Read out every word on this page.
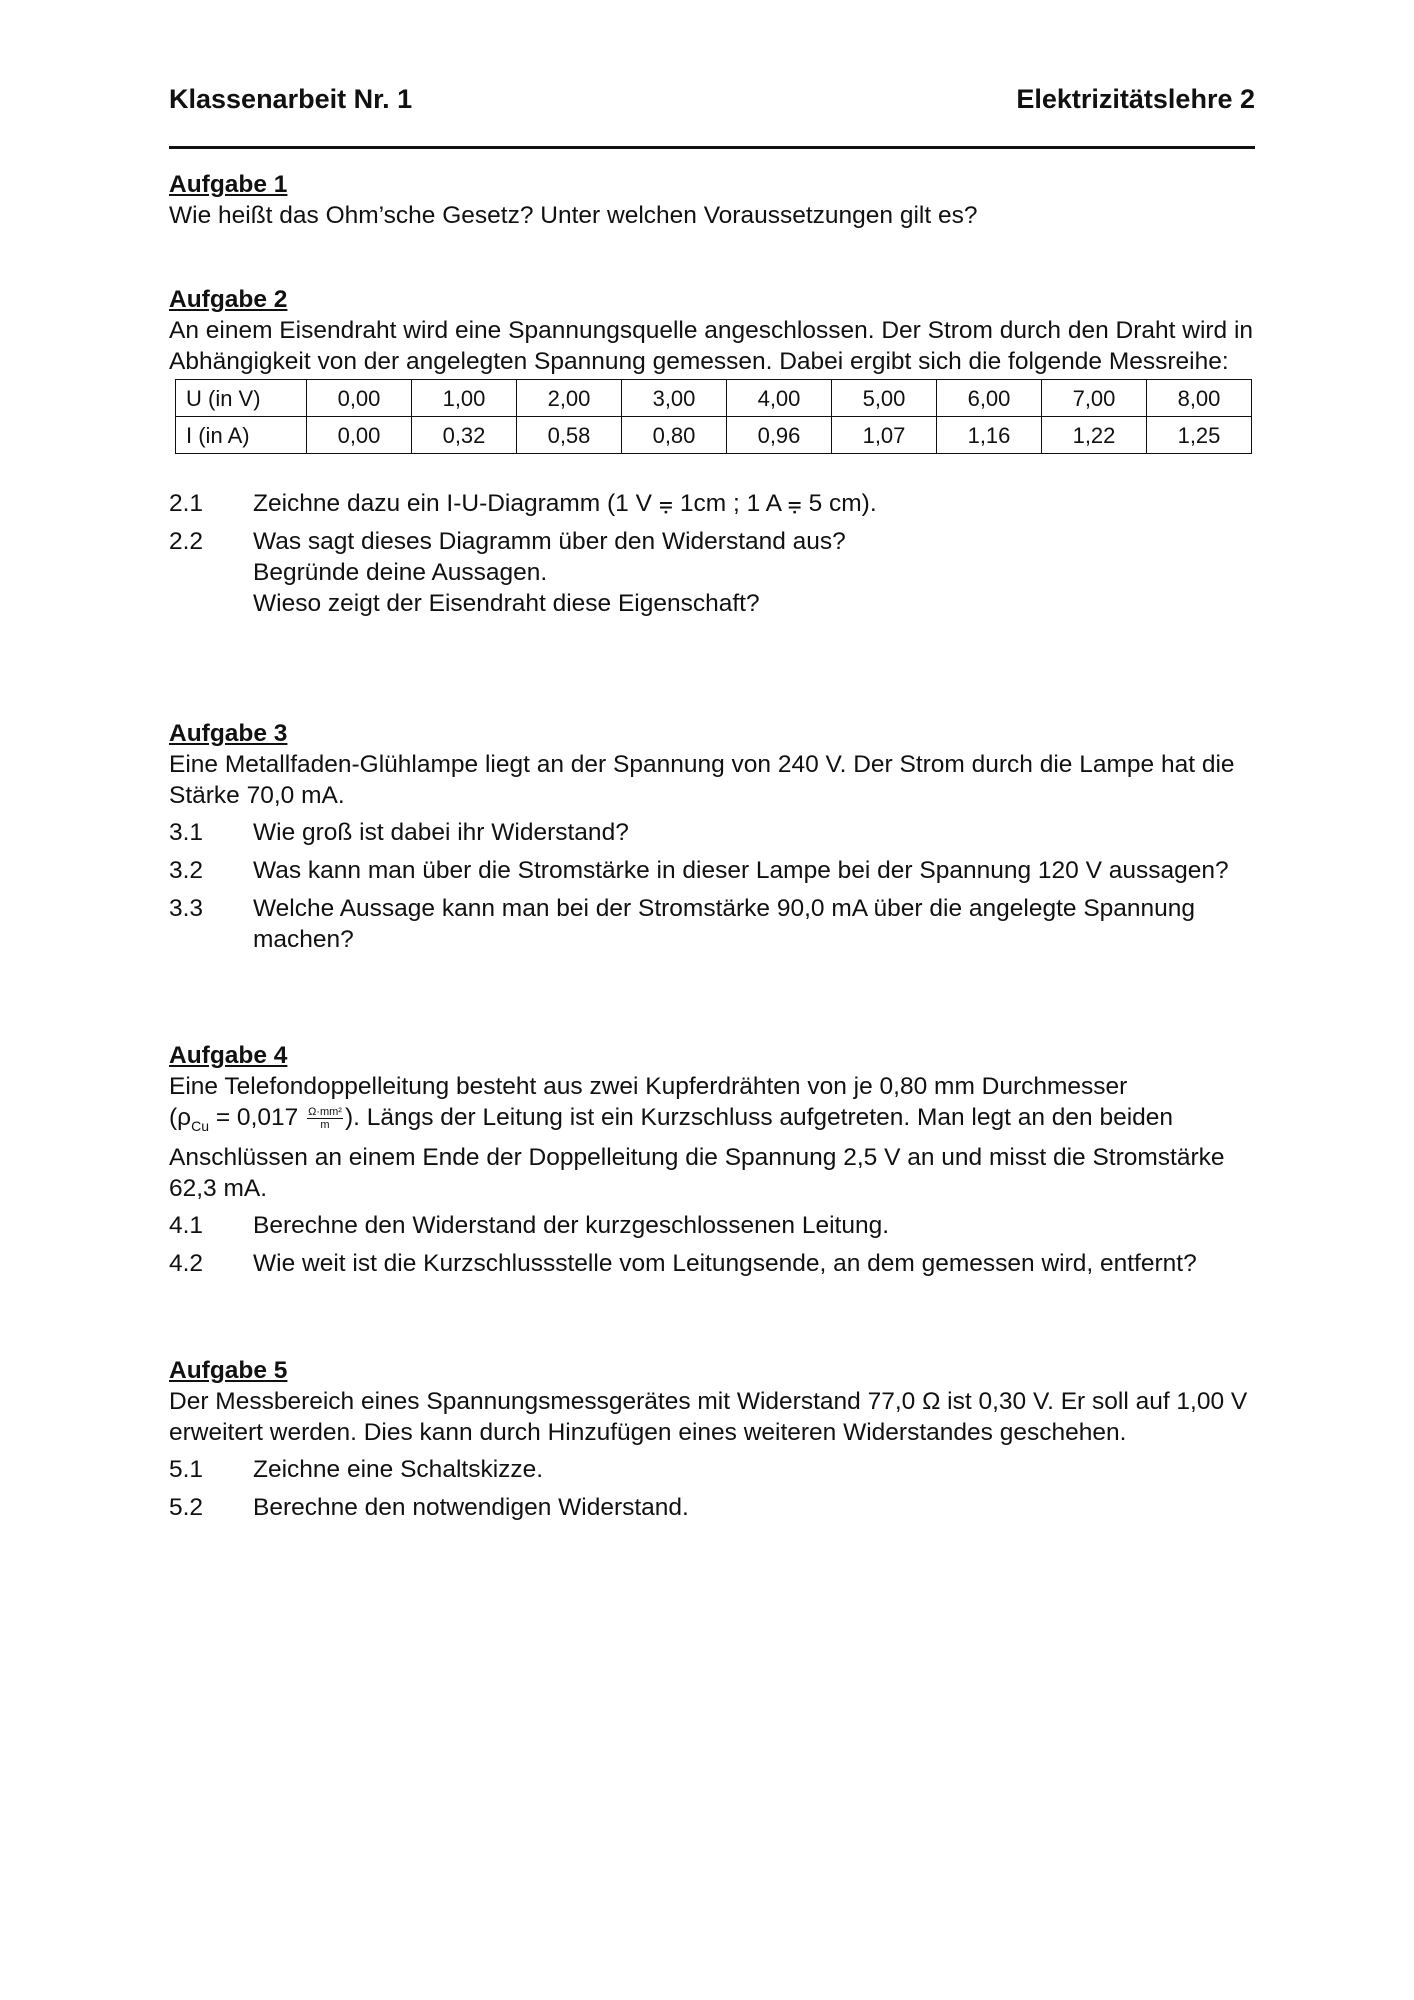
Klassenarbeit Nr. 1	Elektrizitätslehre 2
Aufgabe 1

Wie heißt das Ohm’sche Gesetz? Unter welchen Voraussetzungen gilt es?

Aufgabe 2

An einem Eisendraht wird eine Spannungsquelle angeschlossen. Der Strom durch den Draht wird in Abhängigkeit von der angelegten Spannung gemessen. Dabei ergibt sich die folgende Messreihe:

U (in V)	0,00	1,00	2,00	3,00	4,00	5,00	6,00	7,00	8,00
I (in A)	0,00	0,32	0,58	0,80	0,96	1,07	1,16	1,22	1,25
2.1 Zeichne dazu ein I-U-Diagramm (1 V ⩦ 1cm ; 1 A ⩦ 5 cm).
2.2 Was sagt dieses Diagramm über den Widerstand aus?
Begründe deine Aussagen.
Wieso zeigt der Eisendraht diese Eigenschaft?
Aufgabe 3

Eine Metallfaden-Glühlampe liegt an der Spannung von 240 V. Der Strom durch die Lampe hat die Stärke 70,0 mA.

3.1 Wie groß ist dabei ihr Widerstand?
3.2 Was kann man über die Stromstärke in dieser Lampe bei der Spannung 120 V aussagen?
3.3 Welche Aussage kann man bei der Stromstärke 90,0 mA über die angelegte Spannung machen?
Aufgabe 4

Eine Telefondoppelleitung besteht aus zwei Kupferdrähten von je 0,80 mm Durchmesser
($\rho_{Cu} = 0,017 \frac{\text{Ω·mm²}}{m}$ ). Längs der Leitung ist ein Kurzschluss aufgetreten. Man legt an den beiden Anschlüssen an einem Ende der Doppelleitung die Spannung 2,5 V an und misst die Stromstärke 62,3 mA.

4.1 Berechne den Widerstand der kurzgeschlossenen Leitung.
4.2 Wie weit ist die Kurzschlussstelle vom Leitungsende, an dem gemessen wird, entfernt?
Aufgabe 5

Der Messbereich eines Spannungsmessgerätes mit Widerstand 77,0 Ω ist 0,30 V. Er soll auf 1,00 V erweitert werden. Dies kann durch Hinzufügen eines weiteren Widerstandes geschehen.

5.1 Zeichne eine Schaltskizze.
5.2 Berechne den notwendigen Widerstand.
